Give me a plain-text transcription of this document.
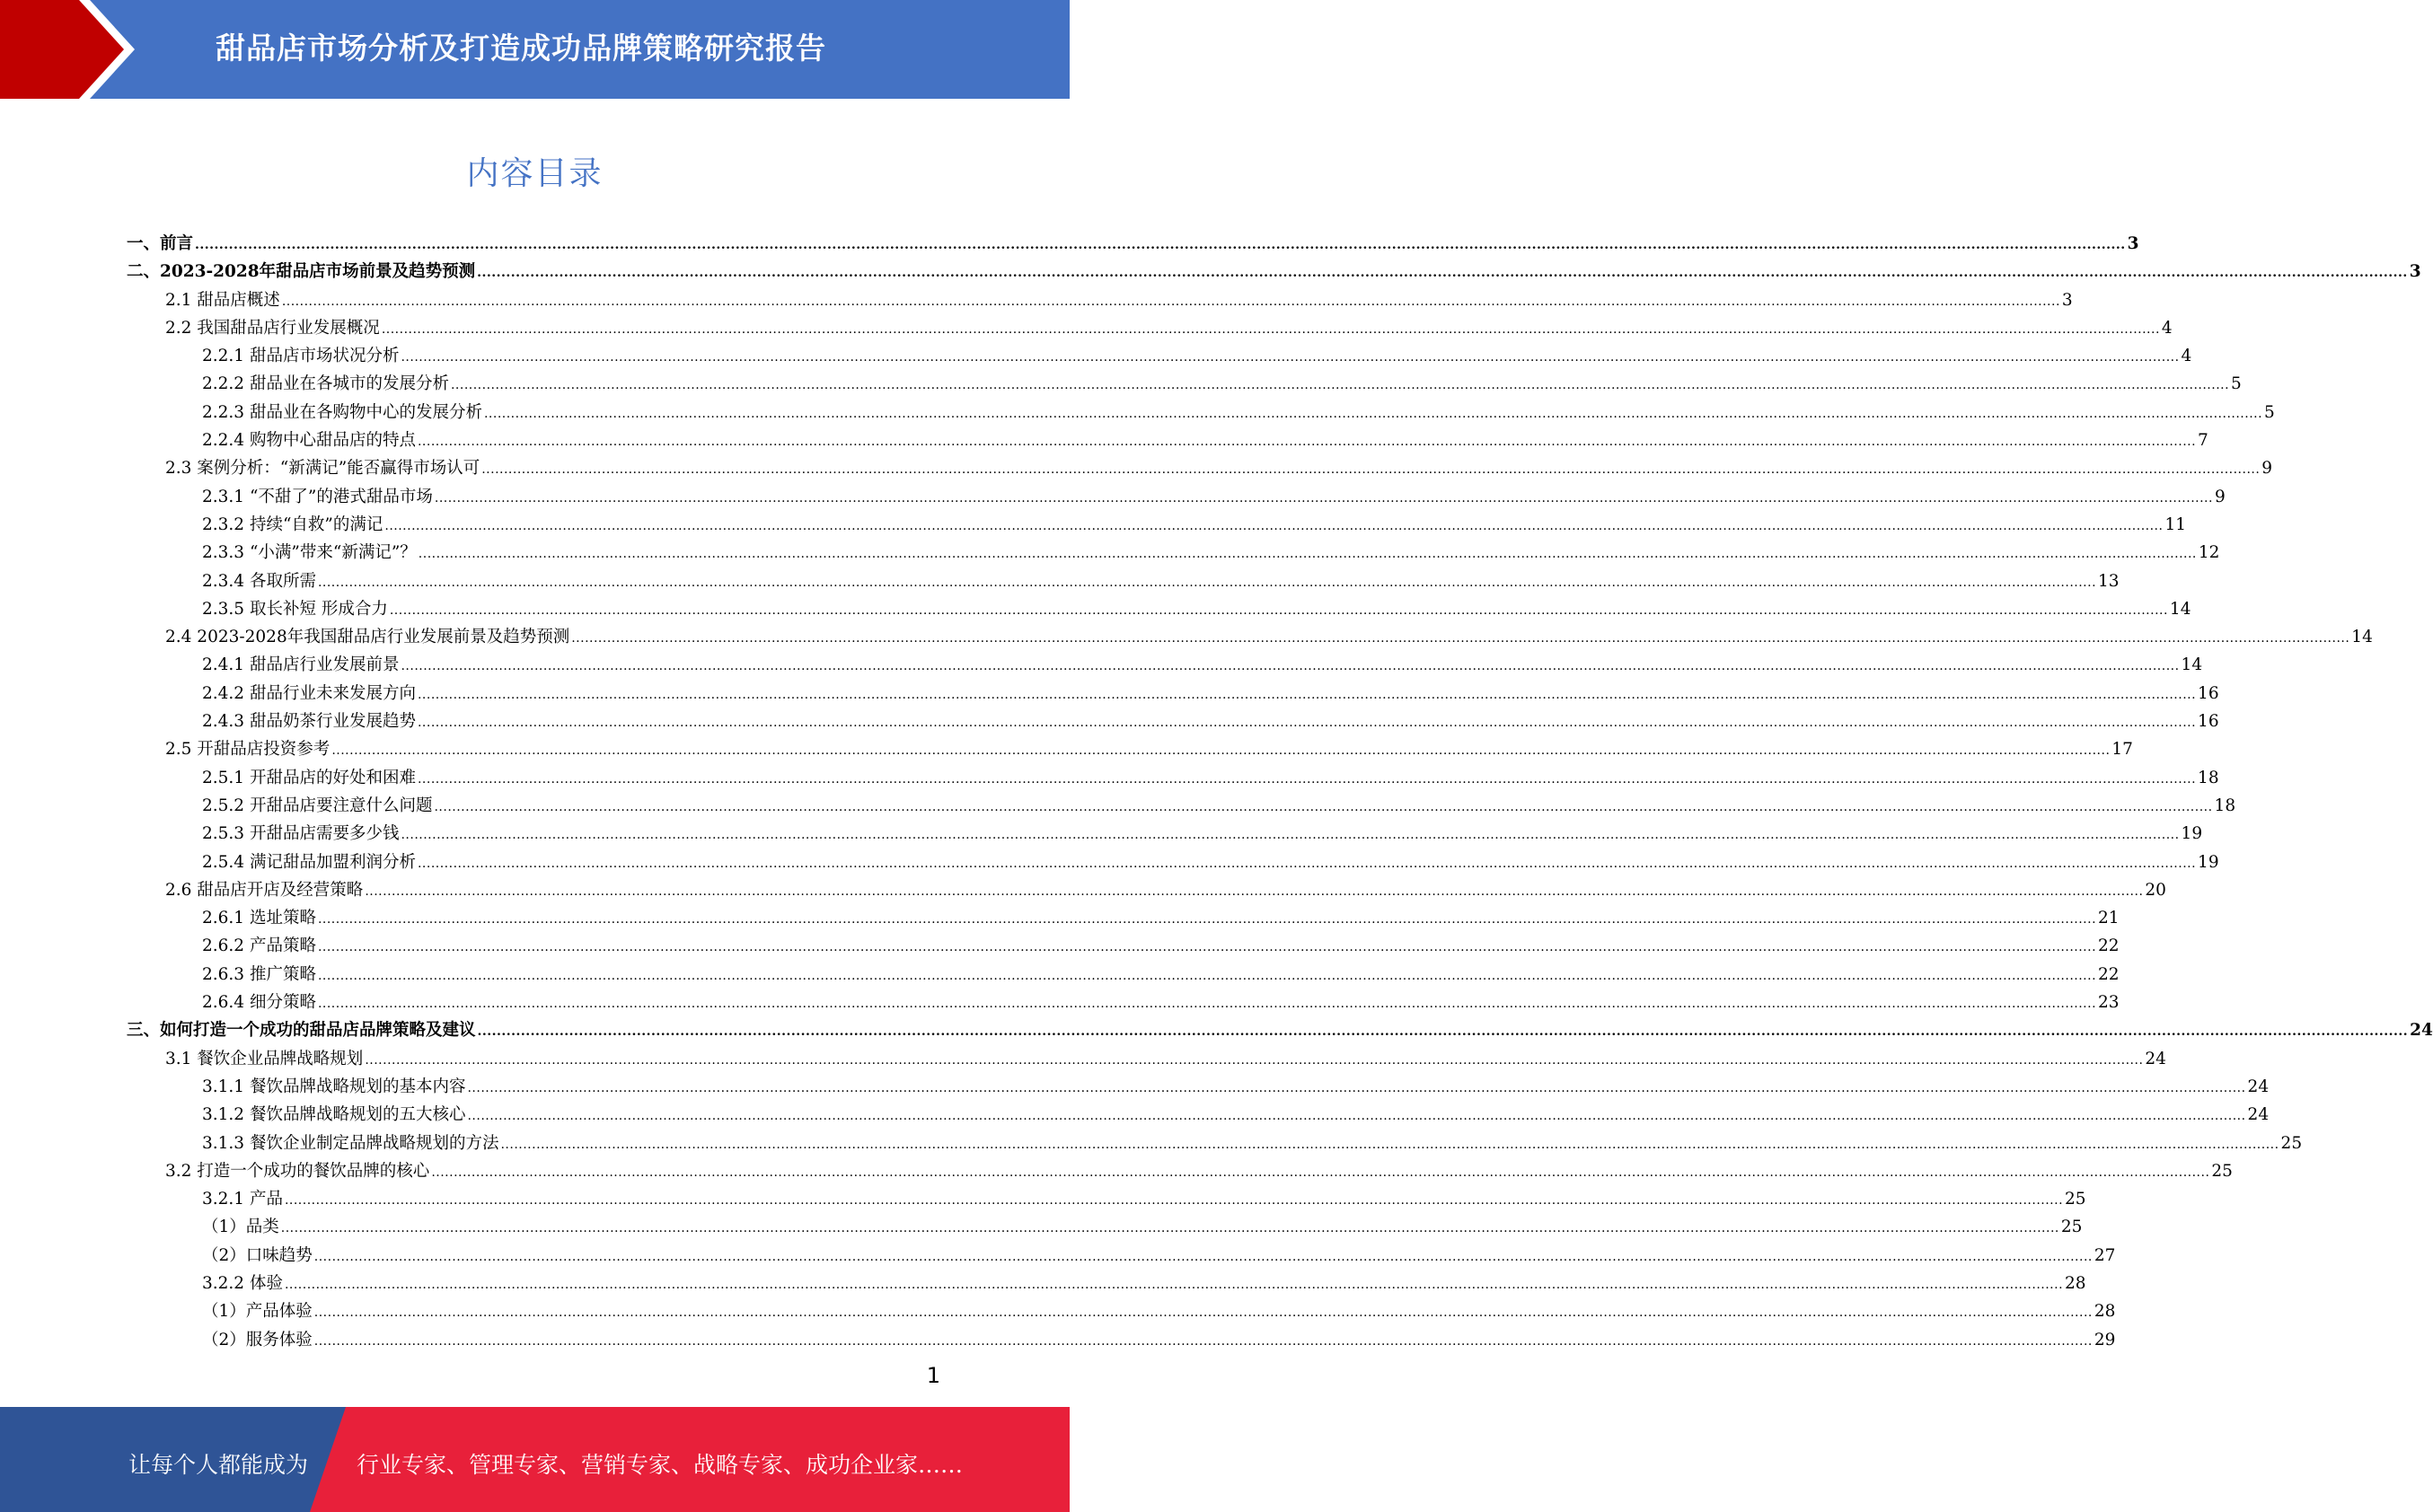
甜品店市场分析及打造成功品牌策略研究报告
内容目录
一、前言 ................................................................................................................................................................................................................................................................................................................................................................................................................ 3
二、2023-2028年甜品店市场前景及趋势预测 ................................................................................................................................................................................................................................................................................................................................................................................................................ 3
2.1 甜品店概述 ................................................................................................................................................................................................................................................................................................................................................................................................................ 3
2.2 我国甜品店行业发展概况 ................................................................................................................................................................................................................................................................................................................................................................................................................ 4
2.2.1 甜品店市场状况分析 ................................................................................................................................................................................................................................................................................................................................................................................................................ 4
2.2.2 甜品业在各城市的发展分析 ................................................................................................................................................................................................................................................................................................................................................................................................................ 5
2.2.3 甜品业在各购物中心的发展分析 ................................................................................................................................................................................................................................................................................................................................................................................................................ 5
2.2.4 购物中心甜品店的特点 ................................................................................................................................................................................................................................................................................................................................................................................................................ 7
2.3 案例分析：“新满记”能否赢得市场认可 ................................................................................................................................................................................................................................................................................................................................................................................................................ 9
2.3.1 “不甜了”的港式甜品市场 ................................................................................................................................................................................................................................................................................................................................................................................................................ 9
2.3.2 持续“自救”的满记 ................................................................................................................................................................................................................................................................................................................................................................................................................ 11
2.3.3 “小满”带来“新满记”？ ................................................................................................................................................................................................................................................................................................................................................................................................................ 12
2.3.4 各取所需 ................................................................................................................................................................................................................................................................................................................................................................................................................ 13
2.3.5 取长补短 形成合力 ................................................................................................................................................................................................................................................................................................................................................................................................................ 14
2.4 2023-2028年我国甜品店行业发展前景及趋势预测 ................................................................................................................................................................................................................................................................................................................................................................................................................ 14
2.4.1 甜品店行业发展前景 ................................................................................................................................................................................................................................................................................................................................................................................................................ 14
2.4.2 甜品行业未来发展方向 ................................................................................................................................................................................................................................................................................................................................................................................................................ 16
2.4.3 甜品奶茶行业发展趋势 ................................................................................................................................................................................................................................................................................................................................................................................................................ 16
2.5 开甜品店投资参考 ................................................................................................................................................................................................................................................................................................................................................................................................................ 17
2.5.1 开甜品店的好处和困难 ................................................................................................................................................................................................................................................................................................................................................................................................................ 18
2.5.2 开甜品店要注意什么问题 ................................................................................................................................................................................................................................................................................................................................................................................................................ 18
2.5.3 开甜品店需要多少钱 ................................................................................................................................................................................................................................................................................................................................................................................................................ 19
2.5.4 满记甜品加盟利润分析 ................................................................................................................................................................................................................................................................................................................................................................................................................ 19
2.6 甜品店开店及经营策略 ................................................................................................................................................................................................................................................................................................................................................................................................................ 20
2.6.1 选址策略 ................................................................................................................................................................................................................................................................................................................................................................................................................ 21
2.6.2 产品策略 ................................................................................................................................................................................................................................................................................................................................................................................................................ 22
2.6.3 推广策略 ................................................................................................................................................................................................................................................................................................................................................................................................................ 22
2.6.4 细分策略 ................................................................................................................................................................................................................................................................................................................................................................................................................ 23
三、如何打造一个成功的甜品店品牌策略及建议 ................................................................................................................................................................................................................................................................................................................................................................................................................ 24
3.1 餐饮企业品牌战略规划 ................................................................................................................................................................................................................................................................................................................................................................................................................ 24
3.1.1 餐饮品牌战略规划的基本内容 ................................................................................................................................................................................................................................................................................................................................................................................................................ 24
3.1.2 餐饮品牌战略规划的五大核心 ................................................................................................................................................................................................................................................................................................................................................................................................................ 24
3.1.3 餐饮企业制定品牌战略规划的方法 ................................................................................................................................................................................................................................................................................................................................................................................................................ 25
3.2 打造一个成功的餐饮品牌的核心 ................................................................................................................................................................................................................................................................................................................................................................................................................ 25
3.2.1 产品 ................................................................................................................................................................................................................................................................................................................................................................................................................ 25
（1）品类 ................................................................................................................................................................................................................................................................................................................................................................................................................ 25
（2）口味趋势 ................................................................................................................................................................................................................................................................................................................................................................................................................ 27
3.2.2 体验 ................................................................................................................................................................................................................................................................................................................................................................................................................ 28
（1）产品体验 ................................................................................................................................................................................................................................................................................................................................................................................................................ 28
（2）服务体验 ................................................................................................................................................................................................................................................................................................................................................................................................................ 29
1
让每个人都能成为 行业专家、管理专家、营销专家、战略专家、成功企业家……
